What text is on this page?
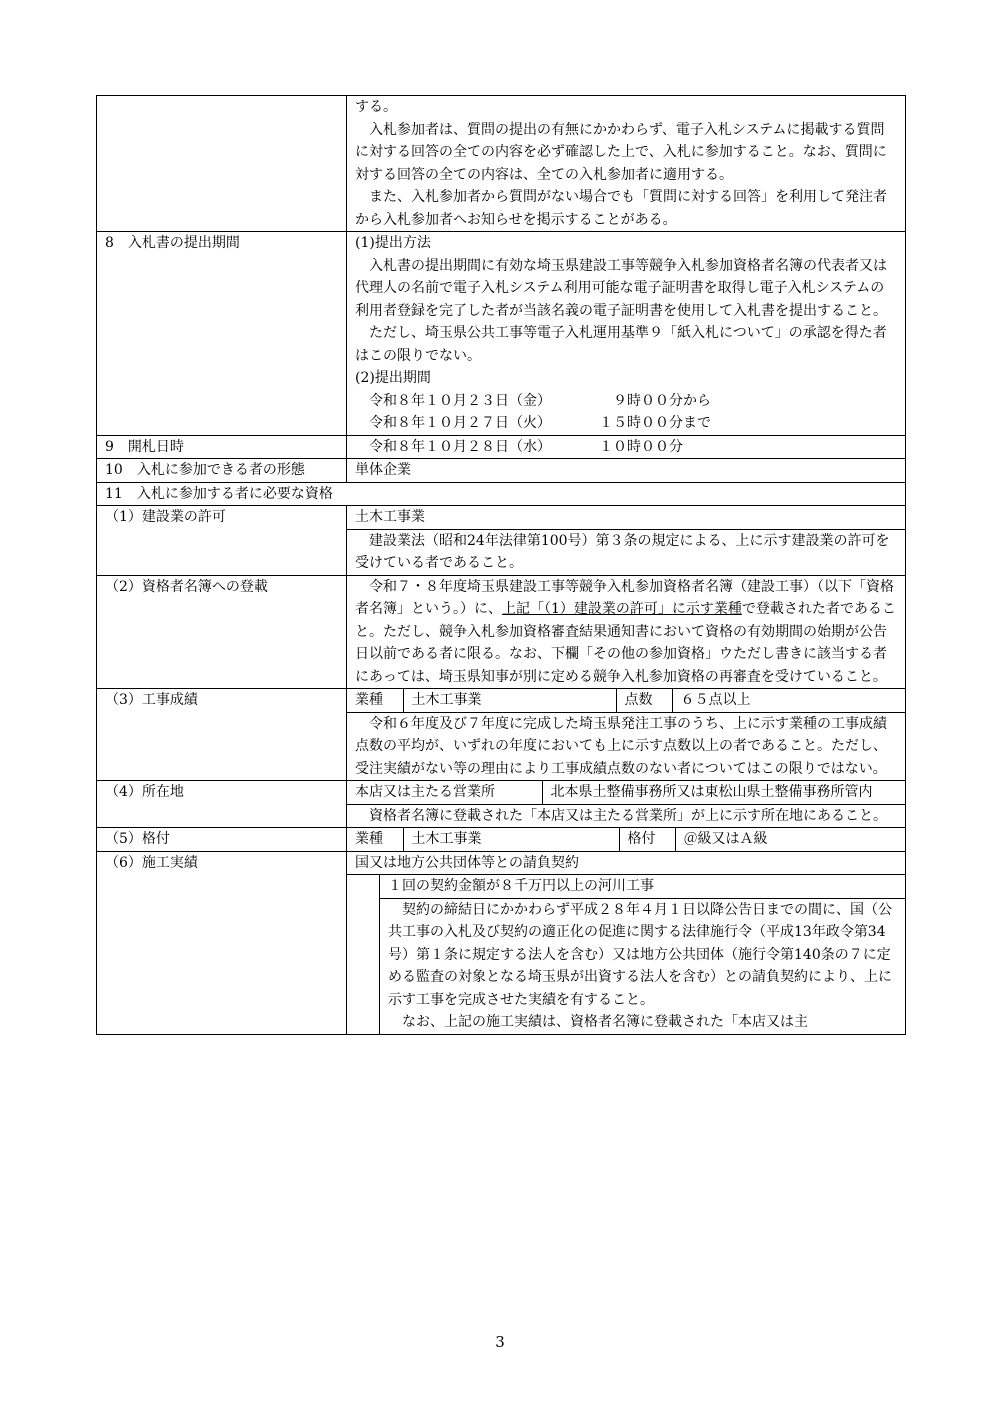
する。

入札参加者は、質問の提出の有無にかかわらず、電子入札システムに掲載する質問に対する回答の全ての内容を必ず確認した上で、入札に参加すること。なお、質問に対する回答の全ての内容は、全ての入札参加者に適用する。

また、入札参加者から質問がない場合でも「質問に対する回答」を利用して発注者から入札参加者へお知らせを掲示することがある。

8　入札書の提出期間	(1)提出方法

入札書の提出期間に有効な埼玉県建設工事等競争入札参加資格者名簿の代表者又は代理人の名前で電子入札システム利用可能な電子証明書を取得し電子入札システムの利用者登録を完了した者が当該名義の電子証明書を使用して入札書を提出すること。

ただし、埼玉県公共工事等電子入札運用基準９「紙入札について」の承認を得た者はこの限りでない。

(2)提出期間

令和８年１０月２３日（金）	９時００分から

令和８年１０月２７日（火）	１５時００分まで

9　開札日時	令和８年１０月２８日（水）	１０時００分

10　入札に参加できる者の形態	単体企業
11　入札に参加する者に必要な資格
（1）建設業の許可		土木工事業
建設業法（昭和24年法律第100号）第３条の規定による、上に示す建設業の許可を受けている者であること。

（2）資格者名簿への登載	令和７・８年度埼玉県建設工事等競争入札参加資格者名簿（建設工事）（以下「資格者名簿」という。）に、上記「（1）建設業の許可」に示す業種で登載された者であること。ただし、競争入札参加資格審査結果通知書において資格の有効期間の始期が公告日以前である者に限る。なお、下欄「その他の参加資格」ウただし書きに該当する者にあっては、埼玉県知事が別に定める競争入札参加資格の再審査を受けていること。

（3）工事成績		業種	土木工事業	点数	６５点以上
令和６年度及び７年度に完成した埼玉県発注工事のうち、上に示す業種の工事成績点数の平均が、いずれの年度においても上に示す点数以上の者であること。ただし、受注実績がない等の理由により工事成績点数のない者についてはこの限りではない。

（4）所在地		本店又は主たる営業所	北本県土整備事務所又は東松山県土整備事務所管内
資格者名簿に登載された「本店又は主たる営業所」が上に示す所在地にあること。

（5）格付		業種	土木工事業	格付	＠級又はＡ級

（6）施工実績	国又は地方公共団体等との請負契約
１回の契約金額が８千万円以上の河川工事

契約の締結日にかかわらず平成２８年４月１日以降公告日までの間に、国（公共工事の入札及び契約の適正化の促進に関する法律施行令（平成13年政令第34号）第１条に規定する法人を含む）又は地方公共団体（施行令第140条の７に定める監査の対象となる埼玉県が出資する法人を含む）との請負契約により、上に示す工事を完成させた実績を有すること。

なお、上記の施工実績は、資格者名簿に登載された「本店又は主

3
